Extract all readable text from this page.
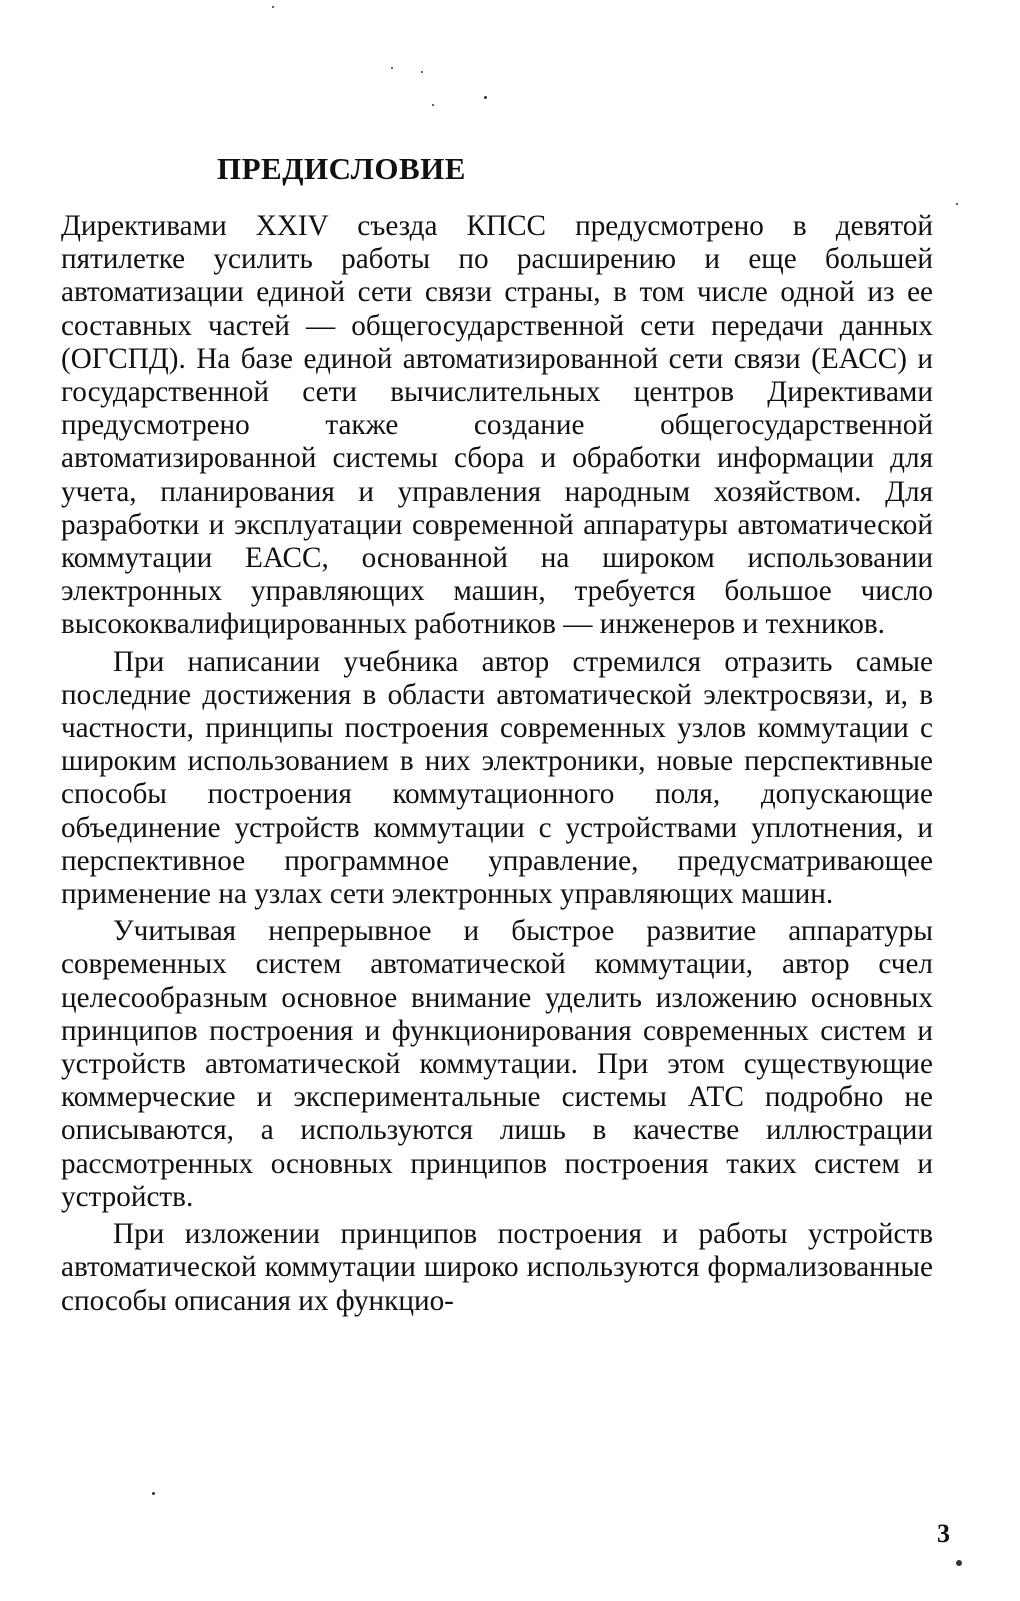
ПРЕДИСЛОВИЕ

Директивами XXIV съезда КПСС предусмотрено в девятой пятилетке усилить работы по расширению и еще большей автоматизации единой сети связи страны, в том числе одной из ее составных частей — общегосударственной сети передачи данных (ОГСПД). На базе единой автоматизированной сети связи (ЕАСС) и государственной сети вычислительных центров Директивами предусмотрено также создание общегосударственной автоматизированной системы сбора и обработки информации для учета, планирования и управления народным хозяйством. Для разработки и эксплуатации современной аппаратуры автоматической коммутации ЕАСС, основанной на широком использовании электронных управляющих машин, требуется большое число высококвалифицированных работников — инженеров и техников.

При написании учебника автор стремился отразить самые последние достижения в области автоматической электросвязи, и, в частности, принципы построения современных узлов коммутации с широким использованием в них электроники, новые перспективные способы построения коммутационного поля, допускающие объединение устройств коммутации с устройствами уплотнения, и перспективное программное управление, предусматривающее применение на узлах сети электронных управляющих машин.

Учитывая непрерывное и быстрое развитие аппаратуры современных систем автоматической коммутации, автор счел целесообразным основное внимание уделить изложению основных принципов построения и функционирования современных систем и устройств автоматической коммутации. При этом существующие коммерческие и экспериментальные системы АТС подробно не описываются, а используются лишь в качестве иллюстрации рассмотренных основных принципов построения таких систем и устройств.

При изложении принципов построения и работы устройств автоматической коммутации широко используются формализованные способы описания их функцио-

3
